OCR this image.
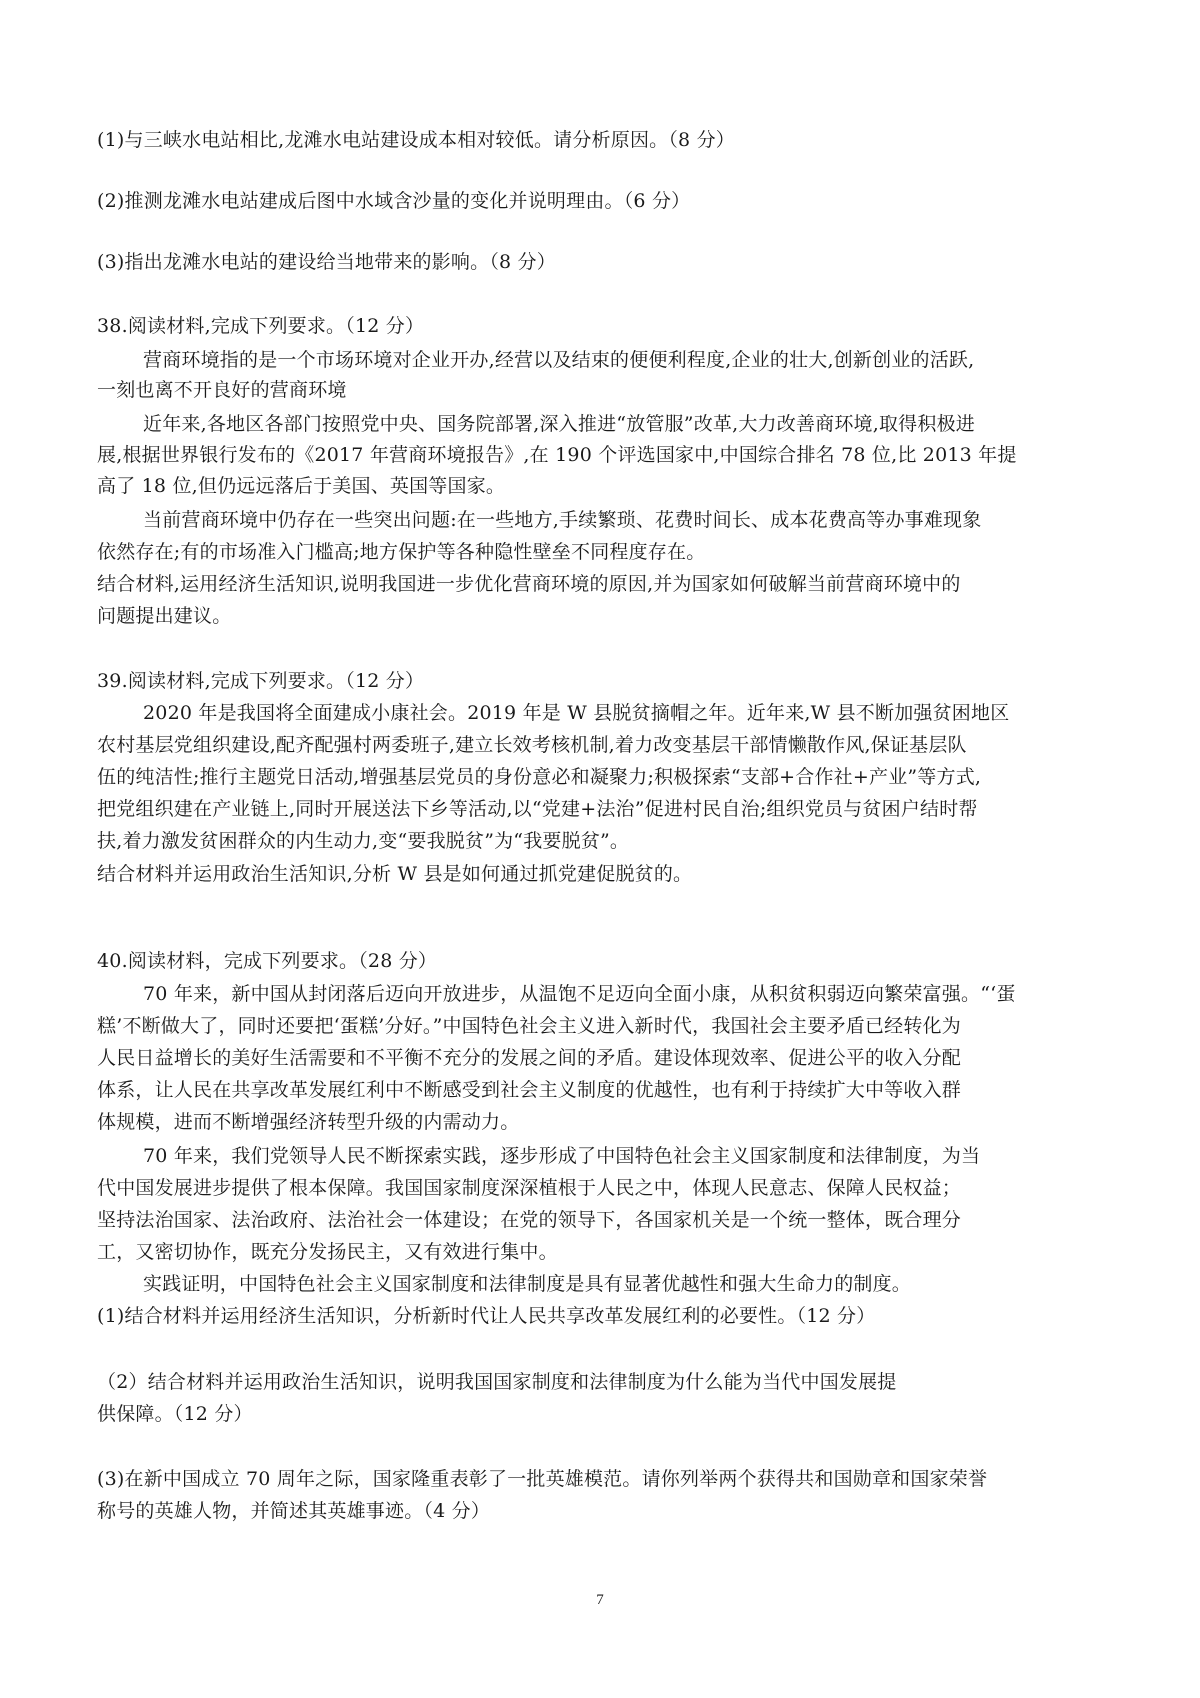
(1)与三峡水电站相比,龙滩水电站建设成本相对较低。请分析原因。（8 分）
(2)推测龙滩水电站建成后图中水域含沙量的变化并说明理由。（6 分）
(3)指出龙滩水电站的建设给当地带来的影响。（8 分）
38.阅读材料,完成下列要求。（12 分）
营商环境指的是一个市场环境对企业开办,经营以及结束的便便利程度,企业的壮大,创新创业的活跃,
一刻也离不开良好的营商环境
近年来,各地区各部门按照党中央、国务院部署,深入推进“放管服”改革,大力改善商环境,取得积极进
展,根据世界银行发布的《2017 年营商环境报告》,在 190 个评选国家中,中国综合排名 78 位,比 2013 年提
高了 18 位,但仍远远落后于美国、英国等国家。
当前营商环境中仍存在一些突出问题:在一些地方,手续繁琐、花费时间长、成本花费高等办事难现象
依然存在;有的市场准入门槛高;地方保护等各种隐性壁垒不同程度存在。
结合材料,运用经济生活知识,说明我国进一步优化营商环境的原因,并为国家如何破解当前营商环境中的
问题提出建议。
39.阅读材料,完成下列要求。（12 分）
2020 年是我国将全面建成小康社会。2019 年是 W 县脱贫摘帽之年。近年来,W 县不断加强贫困地区
农村基层党组织建设,配齐配强村两委班子,建立长效考核机制,着力改变基层干部情懒散作风,保证基层队
伍的纯洁性;推行主题党日活动,增强基层党员的身份意必和凝聚力;积极探索“支部+合作社+产业”等方式,
把党组织建在产业链上,同时开展送法下乡等活动,以“党建+法治”促进村民自治;组织党员与贫困户结时帮
扶,着力激发贫困群众的内生动力,变“要我脱贫”为“我要脱贫”。
结合材料并运用政治生活知识,分析 W 县是如何通过抓党建促脱贫的。
40.阅读材料，完成下列要求。（28 分）
70 年来，新中国从封闭落后迈向开放进步，从温饱不足迈向全面小康，从积贫积弱迈向繁荣富强。“‘蛋
糕’不断做大了，同时还要把‘蛋糕’分好。”中国特色社会主义进入新时代，我国社会主要矛盾已经转化为
人民日益增长的美好生活需要和不平衡不充分的发展之间的矛盾。建设体现效率、促进公平的收入分配
体系，让人民在共享改革发展红利中不断感受到社会主义制度的优越性，也有利于持续扩大中等收入群
体规模，进而不断增强经济转型升级的内需动力。
70 年来，我们党领导人民不断探索实践，逐步形成了中国特色社会主义国家制度和法律制度，为当
代中国发展进步提供了根本保障。我国国家制度深深植根于人民之中，体现人民意志、保障人民权益；
坚持法治国家、法治政府、法治社会一体建设；在党的领导下，各国家机关是一个统一整体，既合理分
工，又密切协作，既充分发扬民主，又有效进行集中。
实践证明，中国特色社会主义国家制度和法律制度是具有显著优越性和强大生命力的制度。
(1)结合材料并运用经济生活知识，分析新时代让人民共享改革发展红利的必要性。（12 分）
（2）结合材料并运用政治生活知识，说明我国国家制度和法律制度为什么能为当代中国发展提
供保障。（12 分）
(3)在新中国成立 70 周年之际，国家隆重表彰了一批英雄模范。请你列举两个获得共和国勋章和国家荣誉
称号的英雄人物，并简述其英雄事迹。（4 分）
7
